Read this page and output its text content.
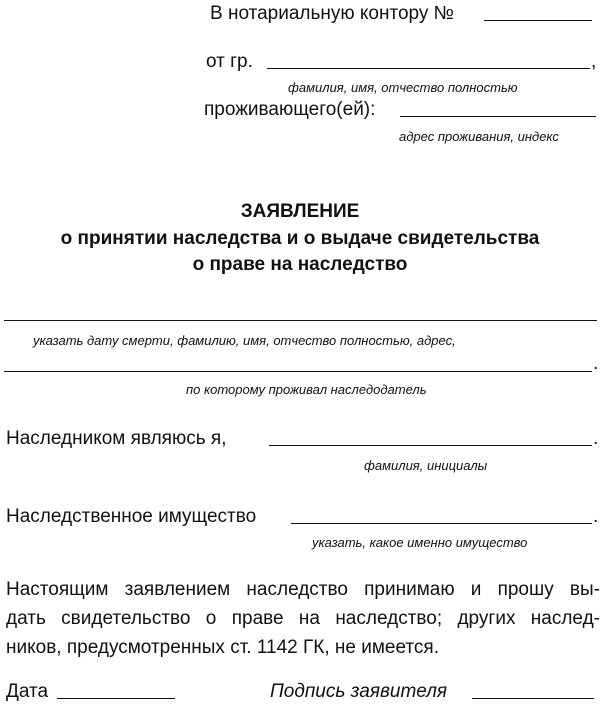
В нотариальную контору №
от гр.	,
фамилия, имя, отчество полностью
проживающего(ей):
адрес проживания, индекс
ЗАЯВЛЕНИЕ
о принятии наследства и о выдаче свидетельства
о праве на наследство
указать дату смерти, фамилию, имя, отчество полностью, адрес,
.
по которому проживал наследодатель
Наследником являюсь я,	.
фамилия, инициалы
Наследственное имущество	.
указать, какое именно имущество
Настоящим заявлением наследство принимаю и прошу вы-
дать свидетельство о праве на наследство; других наслед-
ников, предусмотренных ст. 1142 ГК, не имеется.
Дата	Подпись заявителя
